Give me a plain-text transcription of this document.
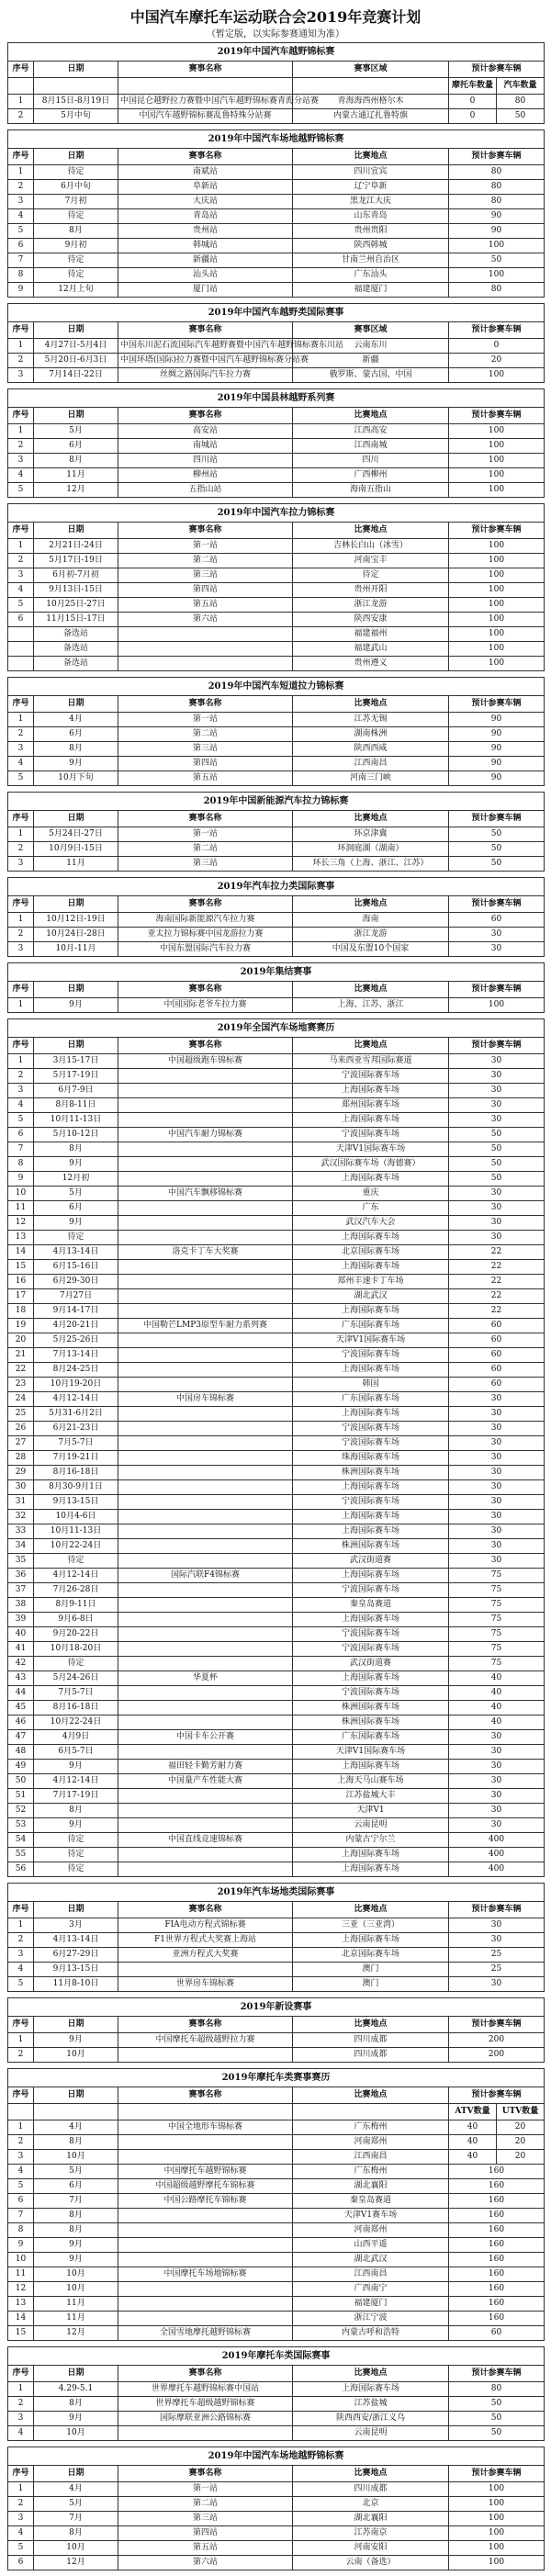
中国汽车摩托车运动联合会2019年竞赛计划
（暂定版，以实际参赛通知为准）
2019年中国汽车越野锦标赛					
序号	日期	赛事名称	赛事区域	预计参赛车辆	
				摩托车数量	汽车数量
1	8月15日-8月19日	中国昆仑越野拉力赛暨中国汽车越野锦标赛青海分站赛	青海海西州格尔木	0	80
2	5月中旬	中国汽车越野锦标赛乱鲁特殊分站赛	内蒙古通辽扎鲁特旗	0	50
2019年中国汽车场地越野锦标赛				
序号	日期	赛事名称	比赛地点	预计参赛车辆
1	待定	南斌站	四川宜宾	80
2	6月中旬	阜新站	辽宁阜新	80
3	7月初	大庆站	黑龙江大庆	80
4	待定	青岛站	山东青岛	90
5	8月	贵州站	贵州贵阳	90
6	9月初	韩城站	陕西韩城	100
7	待定	新疆站	甘南兰州自治区	50
8	待定	汕头站	广东汕头	100
9	12月上旬	厦门站	福建厦门	80
2019年中国汽车越野类国际赛事					
序号	日期	赛事名称	赛事区域	预计参赛车辆	
1	4月27日-5月4日	中国东川泥石流国际汽车越野赛暨中国汽车越野锦标赛东川站	云南东川	0	
2	5月20日-6月3日	中国环塔(国际)拉力赛暨中国汽车越野锦标赛分站赛	新疆	20	
3	7月14日-22日	丝绸之路国际汽车拉力赛	俄罗斯、蒙古国、中国	100	
2019年中国县林越野系列赛				
序号	日期	赛事名称	比赛地点	预计参赛车辆
1	5月	高安站	江西高安	100
2	6月	南城站	江西南城	100
3	8月	四川站	四川	100
4	11月	柳州站	广西柳州	100
5	12月	五指山站	海南五指山	100
2019年中国汽车拉力锦标赛				
序号	日期	赛事名称	比赛地点	预计参赛车辆
1	2月21日-24日	第一站	吉林长白山（冰雪）	100
2	5月17日-19日	第二站	河南宝丰	100
3	6月初-7月初	第三站	待定	100
4	9月13日-15日	第四站	贵州开阳	100
5	10月25日-27日	第五站	浙江龙游	100
6	11月15日-17日	第六站	陕西安康	100
	备选站		福建福州	100
	备选站		福建武山	100
	备选站		贵州遵义	100
2019年中国汽车短道拉力锦标赛				
序号	日期	赛事名称	比赛地点	预计参赛车辆
1	4月	第一站	江苏无锡	90
2	6月	第二站	湖南株洲	90
3	8月	第三站	陕西西咸	90
4	9月	第四站	江西南昌	90
5	10月下旬	第五站	河南三门峡	90
2019年中国新能源汽车拉力锦标赛				
序号	日期	赛事名称	比赛地点	预计参赛车辆
1	5月24日-27日	第一站	环京津冀	50
2	10月9日-15日	第二站	环洞庭湖（湖南）	50
3	11月	第三站	环长三角（上海、浙江、江苏）	50
2019年汽车拉力类国际赛事				
序号	日期	赛事名称	比赛地点	预计参赛车辆
1	10月12日-19日	海南国际新能源汽车拉力赛	海南	60
2	10月24日-28日	亚太拉力锦标赛中国龙游拉力赛	浙江龙游	30
3	10月-11月	中国东盟国际汽车拉力赛	中国及东盟10个国家	30
2019年集结赛事				
序号	日期	赛事名称	比赛地点	预计参赛车辆
1	9月	中国国际老爷车拉力赛	上海、江苏、浙江	100
2019年全国汽车场地赛赛历				
序号	日期	赛事名称	比赛地点	预计参赛车辆
1	3月15-17日	中国超级跑车锦标赛	马来西亚雪邦国际赛道	30
2	5月17-19日		宁波国际赛车场	30
3	6月7-9日		上海国际赛车场	30
4	8月8-11日		郑州国际赛车场	30
5	10月11-13日		上海国际赛车场	30
6	5月10-12日	中国汽车耐力锦标赛	宁波国际赛车场	50
7	8月		天津V1国际赛车场	50
8	9月		武汉国际赛车场（海德赛）	50
9	12月初		上海国际赛车场	50
10	5月	中国汽车飘移锦标赛	重庆	30
11	6月		广东	30
12	9月		武汉汽车大会	30
13	待定		上海国际赛车场	30
14	4月13-14日	洛克卡丁车大奖赛	北京国际赛车场	22
15	6月15-16日		上海国际赛车场	22
16	6月29-30日		郑州丰速卡丁车场	22
17	7月27日		湖北武汉	22
18	9月14-17日		上海国际赛车场	22
19	4月20-21日	中国勒芒LMP3原型车耐力系列赛	广东国际赛车场	60
20	5月25-26日		天津V1国际赛车场	60
21	7月13-14日		宁波国际赛车场	60
22	8月24-25日		上海国际赛车场	60
23	10月19-20日		韩国	60
24	4月12-14日	中国房车锦标赛	广东国际赛车场	30
25	5月31-6月2日		上海国际赛车场	30
26	6月21-23日		宁波国际赛车场	30
27	7月5-7日		宁波国际赛车场	30
28	7月19-21日		珠海国际赛车场	30
29	8月16-18日		株洲国际赛车场	30
30	8月30-9月1日		上海国际赛车场	30
31	9月13-15日		宁波国际赛车场	30
32	10月4-6日		上海国际赛车场	30
33	10月11-13日		上海国际赛车场	30
34	10月22-24日		株洲国际赛车场	30
35	待定		武汉街道赛	30
36	4月12-14日	国际汽联F4锦标赛	上海国际赛车场	75
37	7月26-28日		宁波国际赛车场	75
38	8月9-11日		秦皇岛赛道	75
39	9月6-8日		上海国际赛车场	75
40	9月20-22日		宁波国际赛车场	75
41	10月18-20日		宁波国际赛车场	75
42	待定		武汉街道赛	75
43	5月24-26日	华夏杯	上海国际赛车场	40
44	7月5-7日		宁波国际赛车场	40
45	8月16-18日		株洲国际赛车场	40
46	10月22-24日		株洲国际赛车场	40
47	4月9日	中国卡车公开赛	广东国际赛车场	30
48	6月5-7日		天津V1国际赛车场	30
49	9月	福田轻卡勤芳耐力赛	上海国际赛车场	30
50	4月12-14日	中国量产车性能大赛	上海天马山赛车场	30
51	7月17-19日		江苏盐城大丰	30
52	8月		天津V1	30
53	9月		云南昆明	30
54	待定	中国直线竞速锦标赛	内蒙古宁尔兰	400
55	待定		上海国际赛车场	400
56	待定		上海国际赛车场	400
2019年汽车场地类国际赛事				
序号	日期	赛事名称	比赛地点	预计参赛车辆
1	3月	FIA电动方程式锦标赛	三亚（三亚湾）	30
2	4月13-14日	F1世界方程式大奖赛上海站	上海国际赛车场	30
3	6月27-29日	亚洲方程式大奖赛	北京国际赛车场	25
4	9月13-15日		澳门	25
5	11月8-10日	世界房车锦标赛	澳门	30
2019年新设赛事				
序号	日期	赛事名称	比赛地点	预计参赛车辆
1	9月	中国摩托车超级越野拉力赛	四川成都	200
2	10月		四川成都	200
2019年摩托车类赛事赛历					
序号	日期	赛事名称	比赛地点	预计参赛车辆	
				ATV数量	UTV数量
1	4月	中国全地形车锦标赛	广东梅州	40	20
2	8月		河南郑州	40	20
3	10月		江西南昌	40	20
4	5月	中国摩托车越野锦标赛	广东梅州	160	
5	6月	中国超级越野摩托车锦标赛	湖北襄阳	160	
6	7月	中国公路摩托车锦标赛	秦皇岛赛道	160	
7	8月		天津V1赛车场	160	
8	8月		河南郑州	160	
9	9月		山西平遥	160	
10	9月		湖北武汉	160	
11	10月	中国摩托车场地锦标赛	江西南昌	160	
12	10月		广西南宁	160	
13	11月		福建厦门	160	
14	11月		浙江宁波	160	
15	12月	全国雪地摩托越野锦标赛	内蒙古呼和浩特	60	
2019年摩托车类国际赛事				
序号	日期	赛事名称	比赛地点	预计参赛车辆
1	4.29-5.1	世界摩托车越野锦标赛中国站	上海国际赛车场	80
2	8月	世界摩托车超级越野锦标赛	江苏盐城	50
3	9月	国际摩联亚洲公路锦标赛	陕西西安/浙江义乌	50
4	10月		云南昆明	50
2019年中国汽车场地越野锦标赛				
序号	日期	赛事名称	比赛地点	预计参赛车辆
1	4月	第一站	四川成都	100
2	5月	第二站	北京	100
3	7月	第三站	湖北襄阳	100
4	8月	第四站	江苏南京	100
5	10月	第五站	河南安阳	100
6	12月	第六站	云南（备选）	100
